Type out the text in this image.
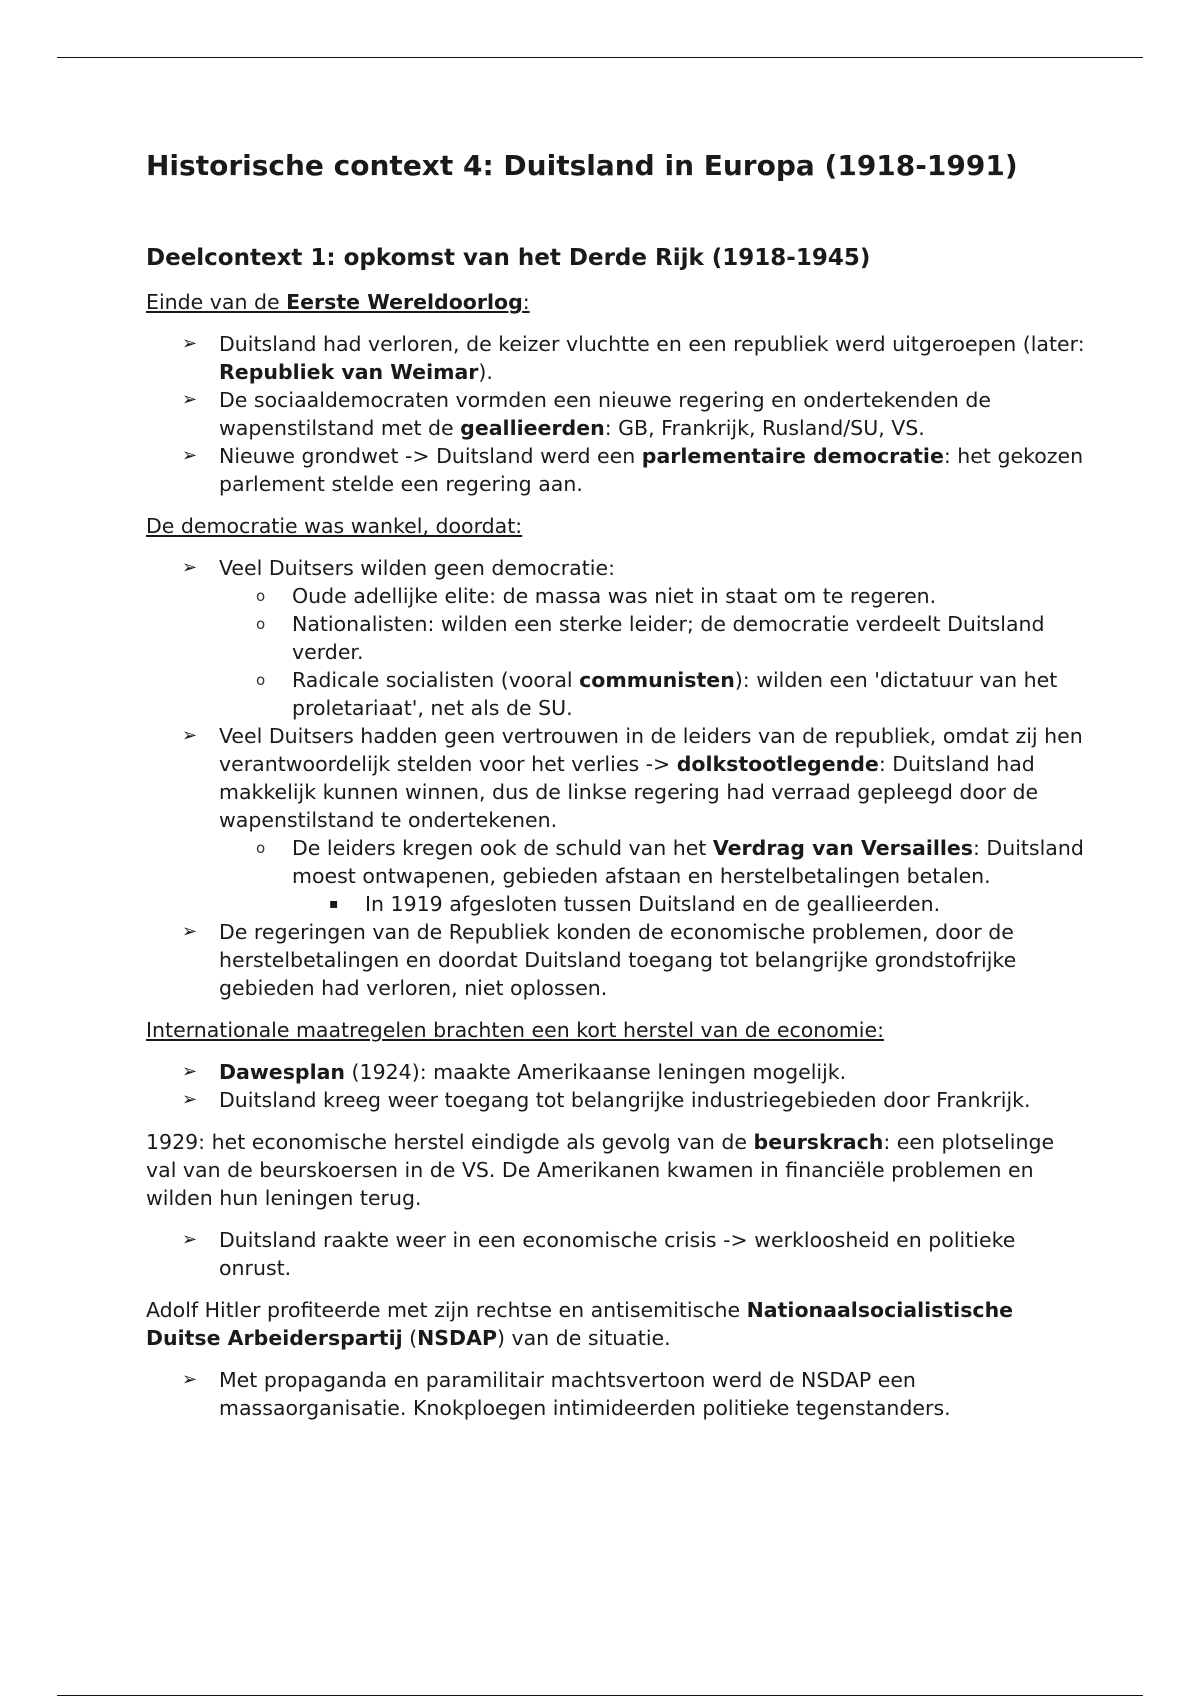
Historische context 4: Duitsland in Europa (1918-1991)
Deelcontext 1: opkomst van het Derde Rijk (1918-1945)
Einde van de Eerste Wereldoorlog:
➢ Duitsland had verloren, de keizer vluchtte en een republiek werd uitgeroepen (later: Republiek van Weimar).
➢ De sociaaldemocraten vormden een nieuwe regering en ondertekenden de wapenstilstand met de geallieerden: GB, Frankrijk, Rusland/SU, VS.
➢ Nieuwe grondwet -> Duitsland werd een parlementaire democratie: het gekozen parlement stelde een regering aan.
De democratie was wankel, doordat:
➢ Veel Duitsers wilden geen democratie:
o Oude adellijke elite: de massa was niet in staat om te regeren.
o Nationalisten: wilden een sterke leider; de democratie verdeelt Duitsland verder.
o Radicale socialisten (vooral communisten): wilden een 'dictatuur van het proletariaat', net als de SU.
➢ Veel Duitsers hadden geen vertrouwen in de leiders van de republiek, omdat zij hen verantwoordelijk stelden voor het verlies -> dolkstootlegende: Duitsland had makkelijk kunnen winnen, dus de linkse regering had verraad gepleegd door de wapenstilstand te ondertekenen.
o De leiders kregen ook de schuld van het Verdrag van Versailles: Duitsland moest ontwapenen, gebieden afstaan en herstelbetalingen betalen.
▪ In 1919 afgesloten tussen Duitsland en de geallieerden.
➢ De regeringen van de Republiek konden de economische problemen, door de herstelbetalingen en doordat Duitsland toegang tot belangrijke grondstofrijke gebieden had verloren, niet oplossen.
Internationale maatregelen brachten een kort herstel van de economie:
➢ Dawesplan (1924): maakte Amerikaanse leningen mogelijk.
➢ Duitsland kreeg weer toegang tot belangrijke industriegebieden door Frankrijk.

1929: het economische herstel eindigde als gevolg van de beurskrach: een plotselinge val van de beurskoersen in de VS. De Amerikanen kwamen in financiële problemen en wilden hun leningen terug.

➢ Duitsland raakte weer in een economische crisis -> werkloosheid en politieke onrust.

Adolf Hitler profiteerde met zijn rechtse en antisemitische Nationaalsocialistische Duitse Arbeiderspartij (NSDAP) van de situatie.

➢ Met propaganda en paramilitair machtsvertoon werd de NSDAP een massaorganisatie. Knokploegen intimideerden politieke tegenstanders.
